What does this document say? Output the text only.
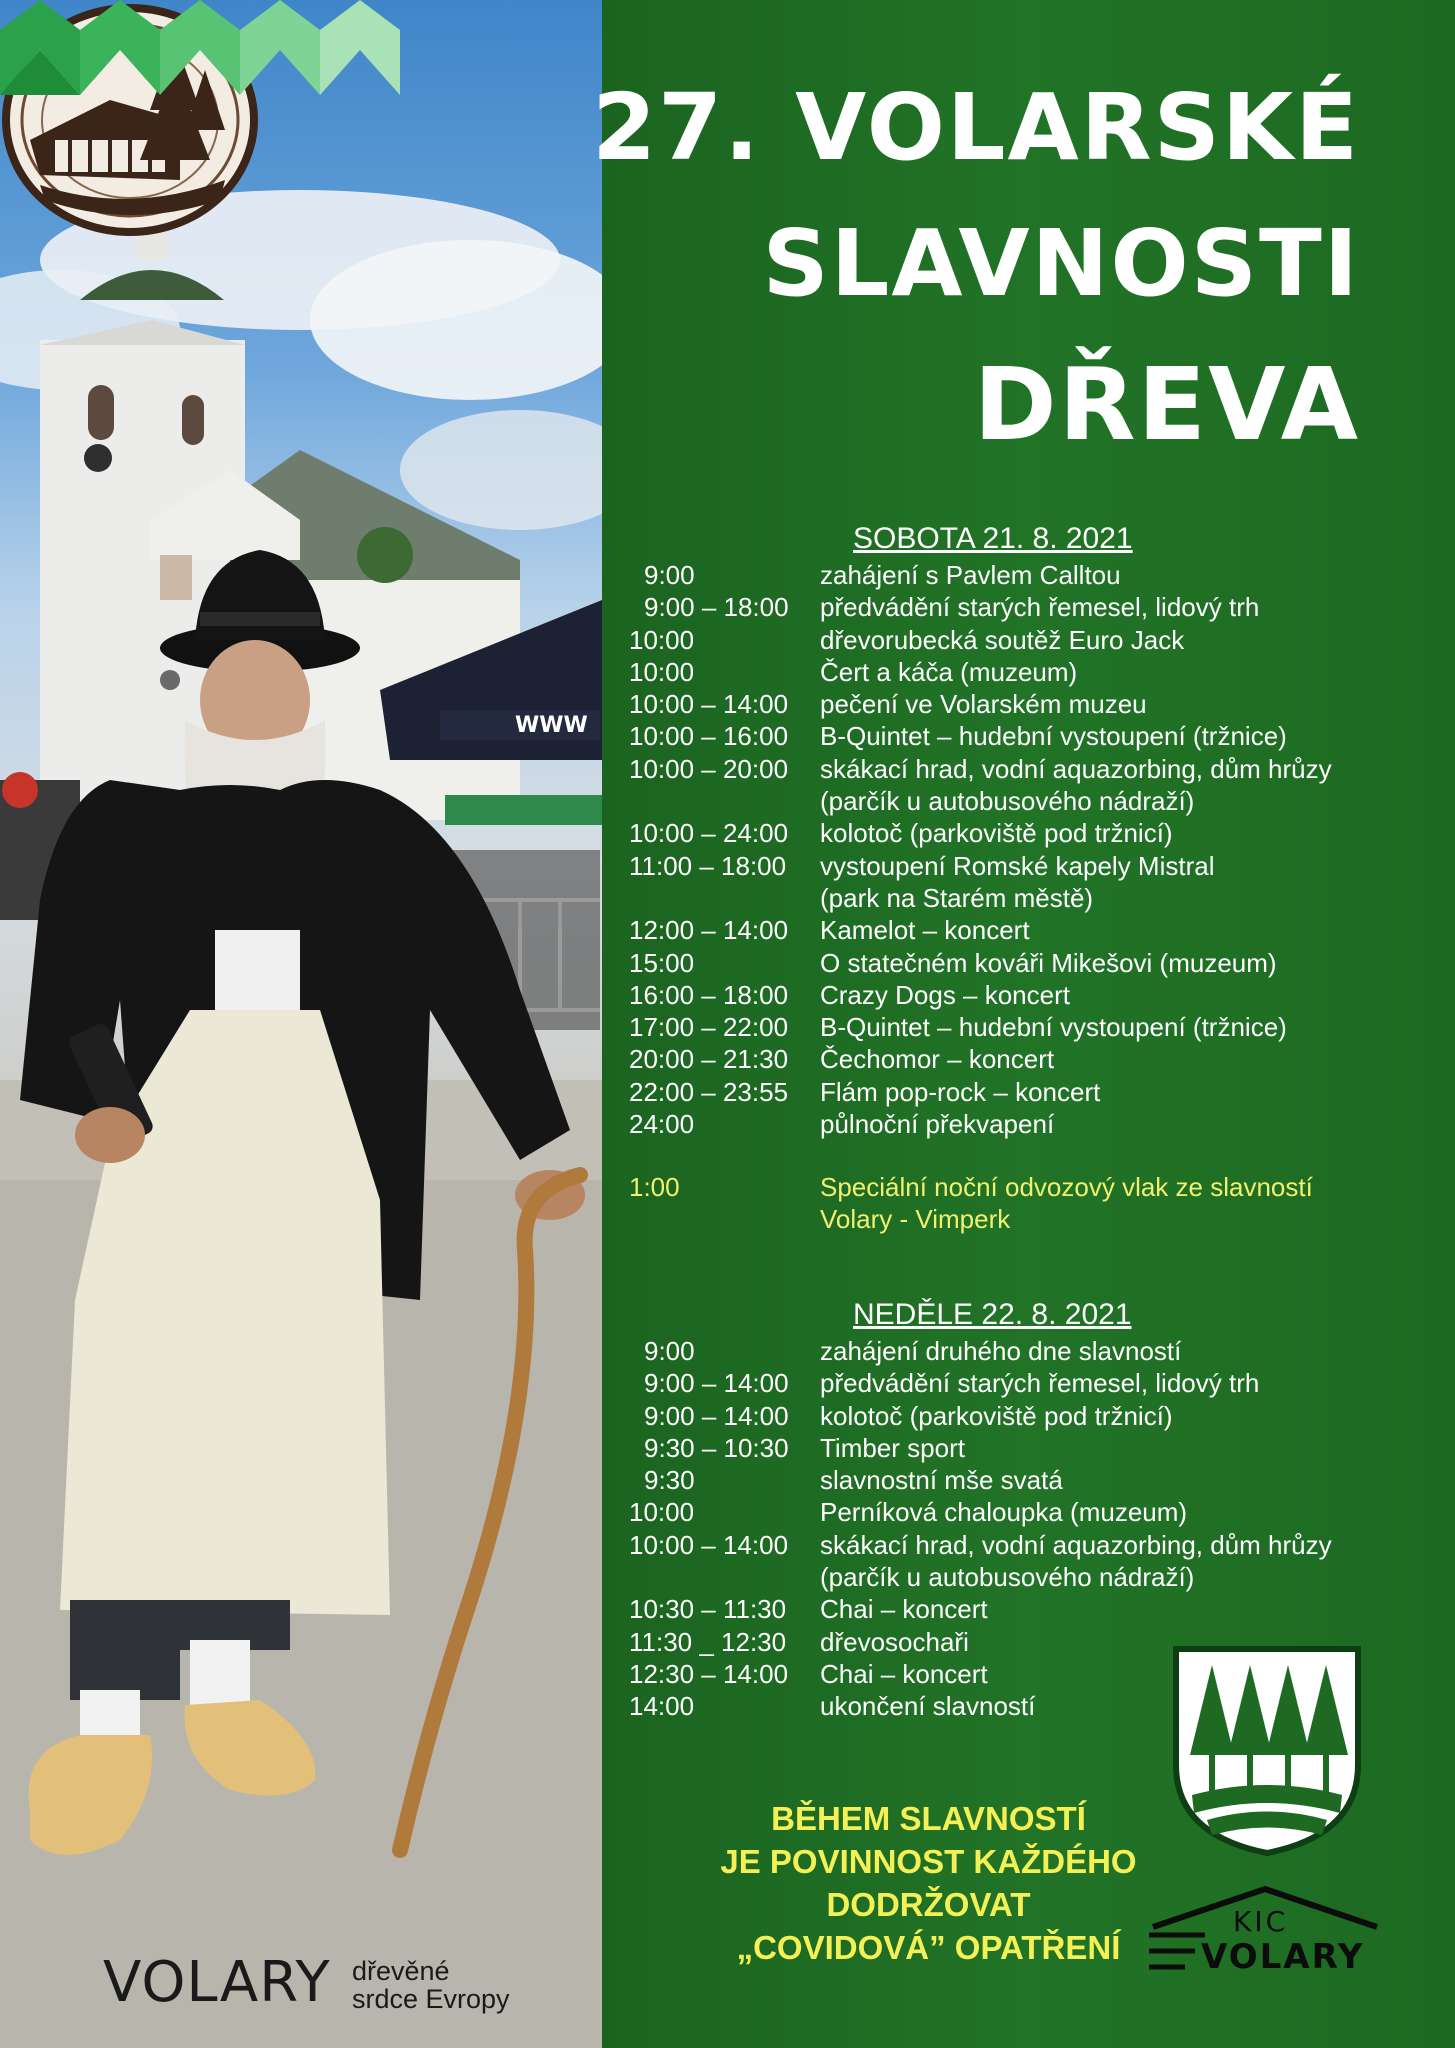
WWW
VOLARY dřevěné
srdce Evropy
27. VOLARSKÉ
SLAVNOSTI
DŘEVA
SOBOTA 21. 8. 2021
9:00	zahájení s Pavlem Calltou
9:00 – 18:00 předvádění starých řemesel, lidový trh
10:00	dřevorubecká soutěž Euro Jack
10:00	Čert a káča (muzeum)
10:00 – 14:00 pečení ve Volarském muzeu
10:00 – 16:00 B-Quintet – hudební vystoupení (tržnice)
10:00 – 20:00 skákací hrad, vodní aquazorbing, dům hrůzy
(parčík u autobusového nádraží)
10:00 – 24:00 kolotoč (parkoviště pod tržnicí)
11:00 – 18:00 vystoupení Romské kapely Mistral
(park na Starém městě)
12:00 – 14:00 Kamelot – koncert
15:00	O statečném kováři Mikešovi (muzeum)
16:00 – 18:00 Crazy Dogs – koncert
17:00 – 22:00 B-Quintet – hudební vystoupení (tržnice)
20:00 – 21:30 Čechomor – koncert
22:00 – 23:55 Flám pop-rock – koncert
24:00	půlnoční překvapení
1:00	Speciální noční odvozový vlak ze slavností
Volary - Vimperk
NEDĚLE 22. 8. 2021
9:00	zahájení druhého dne slavností
9:00 – 14:00 předvádění starých řemesel, lidový trh
9:00 – 14:00 kolotoč (parkoviště pod tržnicí)
9:30 – 10:30 Timber sport
9:30	slavnostní mše svatá
10:00	Perníková chaloupka (muzeum)
10:00 – 14:00 skákací hrad, vodní aquazorbing, dům hrůzy
(parčík u autobusového nádraží)
10:30 – 11:30 Chai – koncert
11:30 _ 12:30 dřevosochaři
12:30 – 14:00 Chai – koncert
14:00	ukončení slavností
BĚHEM SLAVNOSTÍ
JE POVINNOST KAŽDÉHO
DODRŽOVAT
„COVIDOVÁ” OPATŘENÍ
KIC
VOLARY
